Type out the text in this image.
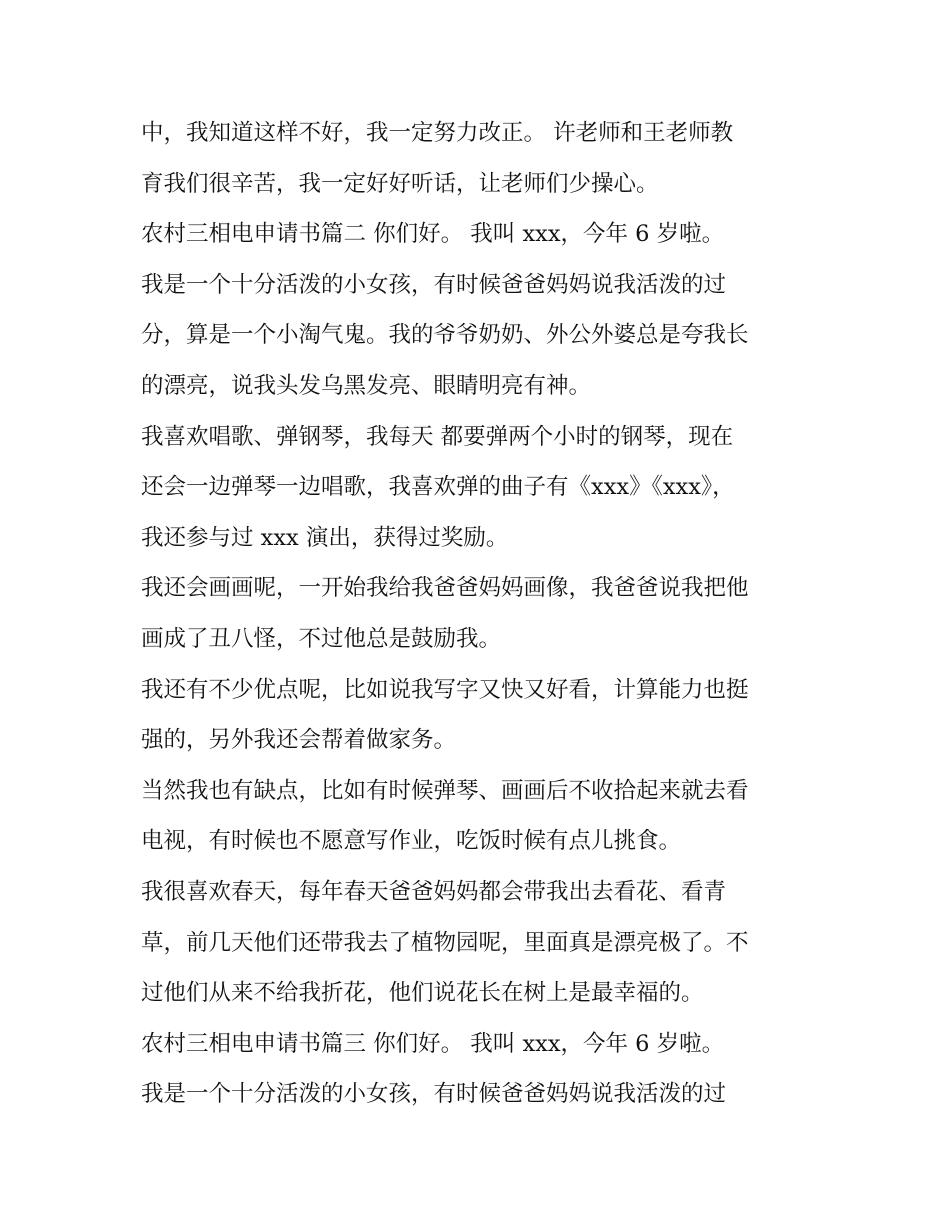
中，我知道这样不好，我一定努力改正。 许老师和王老师教
育我们很辛苦，我一定好好听话，让老师们少操心。
农村三相电申请书篇二 你们好。 我叫 xxx，今年 6 岁啦。
我是一个十分活泼的小女孩，有时候爸爸妈妈说我活泼的过
分，算是一个小淘气鬼。我的爷爷奶奶、外公外婆总是夸我长
的漂亮，说我头发乌黑发亮、眼睛明亮有神。
我喜欢唱歌、弹钢琴，我每天 都要弹两个小时的钢琴，现在
还会一边弹琴一边唱歌，我喜欢弹的曲子有《xxx》《xxx》，
我还参与过 xxx 演出，获得过奖励。
我还会画画呢，一开始我给我爸爸妈妈画像，我爸爸说我把他
画成了丑八怪，不过他总是鼓励我。
我还有不少优点呢，比如说我写字又快又好看，计算能力也挺
强的，另外我还会帮着做家务。
当然我也有缺点，比如有时候弹琴、画画后不收拾起来就去看
电视，有时候也不愿意写作业，吃饭时候有点儿挑食。
我很喜欢春天，每年春天爸爸妈妈都会带我出去看花、看青
草，前几天他们还带我去了植物园呢，里面真是漂亮极了。不
过他们从来不给我折花，他们说花长在树上是最幸福的。
农村三相电申请书篇三 你们好。 我叫 xxx，今年 6 岁啦。
我是一个十分活泼的小女孩，有时候爸爸妈妈说我活泼的过
